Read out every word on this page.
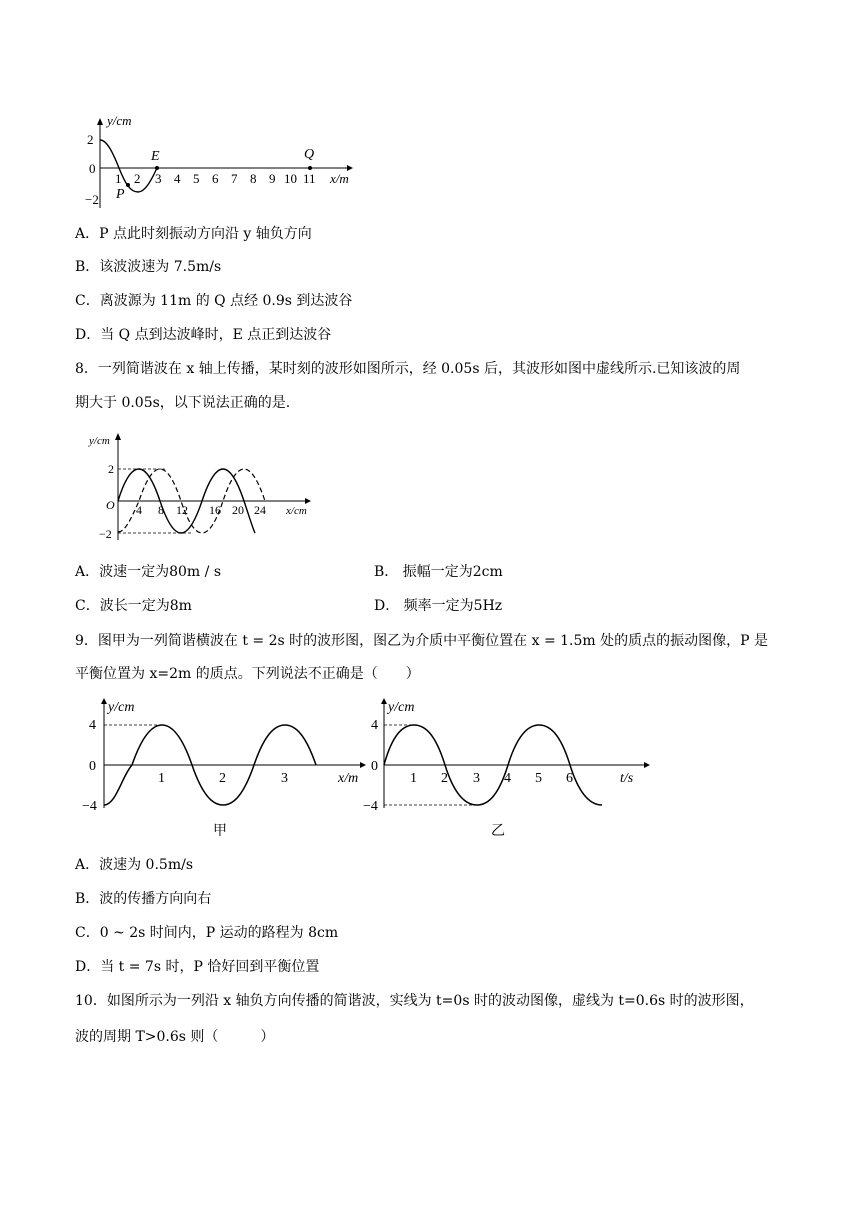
y/cm
x/m
2
0
−2
1 2 3 4 5 6 7 8 9 10 11
P
E	Q
A．P 点此时刻振动方向沿 y 轴负方向
B．该波波速为 7.5m/s
C．离波源为 11m 的 Q 点经 0.9s 到达波谷
D．当 Q 点到达波峰时，E 点正到达波谷
8．一列简谐波在 x 轴上传播，某时刻的波形如图所示，经 0.05s 后，其波形如图中虚线所示.已知该波的周
期大于 0.05s，以下说法正确的是.
y/cm
x/cm
O
2
−2
4 8 12 16 20 24
A．波速一定为80m / s	B． 振幅一定为2cm
C．波长一定为8m	D． 频率一定为5Hz
9．图甲为一列简谐横波在 t = 2s 时的波形图，图乙为介质中平衡位置在 x = 1.5m 处的质点的振动图像，P 是
平衡位置为 x=2m 的质点。下列说法不正确是（　　）
y/cm
x/m
4
0
−4
1	2	3
甲
y/cm
t/s
4
0
−4
1 2 3 4 5 6
乙
A．波速为 0.5m/s
B．波的传播方向向右
C．0 ~ 2s 时间内，P 运动的路程为 8cm
D．当 t = 7s 时，P 恰好回到平衡位置
10．如图所示为一列沿 x 轴负方向传播的简谐波，实线为 t=0s 时的波动图像，虚线为 t=0.6s 时的波形图，
波的周期 T>0.6s 则（　　　）
